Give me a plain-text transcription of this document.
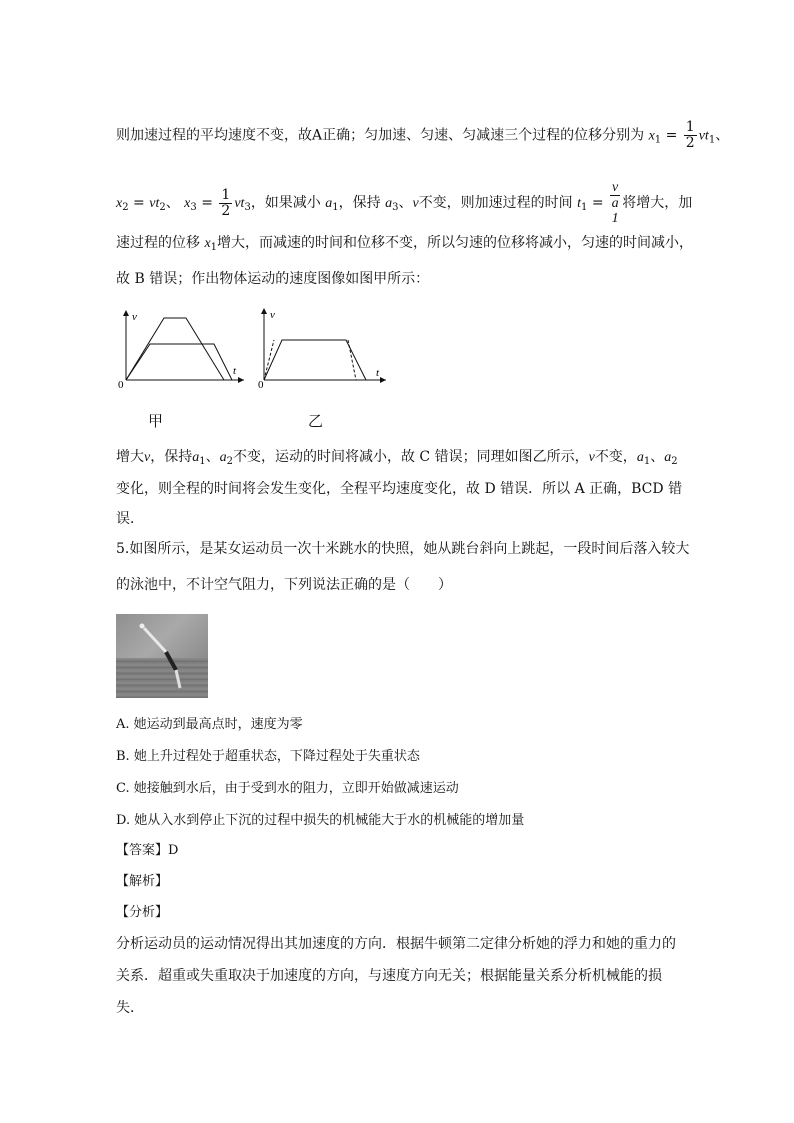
则加速过程的平均速度不变，故A正确；匀加速、匀速、匀减速三个过程的位移分别为 $x_1 = \frac{1}{2} vt_1$、
$x_2 = vt_2$、 $x_3 = \frac{1}{2} vt_3$，如果减小 $a_1$，保持 $a_3$、v不变，则加速过程的时间 $t_1 = v$
a
1 将增大，加
速过程的位移 $x_1$增大，而减速的时间和位移不变，所以匀速的位移将减小，匀速的时间减小，
故 B 错误；作出物体运动的速度图像如图甲所示：
v
t
0
甲
v
t
0
乙
增大v，保持$a_1$、$a_2$不变，运动的时间将减小，故 C 错误；同理如图乙所示，v不变，$a_1$、$a_2$
变化，则全程的时间将会发生变化，全程平均速度变化，故 D 错误．所以 A 正确，BCD 错
误．
5.如图所示，是某女运动员一次十米跳水的快照，她从跳台斜向上跳起，一段时间后落入较大
的泳池中，不计空气阻力，下列说法正确的是（　　）
A. 她运动到最高点时，速度为零
B. 她上升过程处于超重状态，下降过程处于失重状态
C. 她接触到水后，由于受到水的阻力，立即开始做减速运动
D. 她从入水到停止下沉的过程中损失的机械能大于水的机械能的增加量
【答案】D
【解析】
【分析】
分析运动员的运动情况得出其加速度的方向．根据牛顿第二定律分析她的浮力和她的重力的
关系．超重或失重取决于加速度的方向，与速度方向无关；根据能量关系分析机械能的损
失．
